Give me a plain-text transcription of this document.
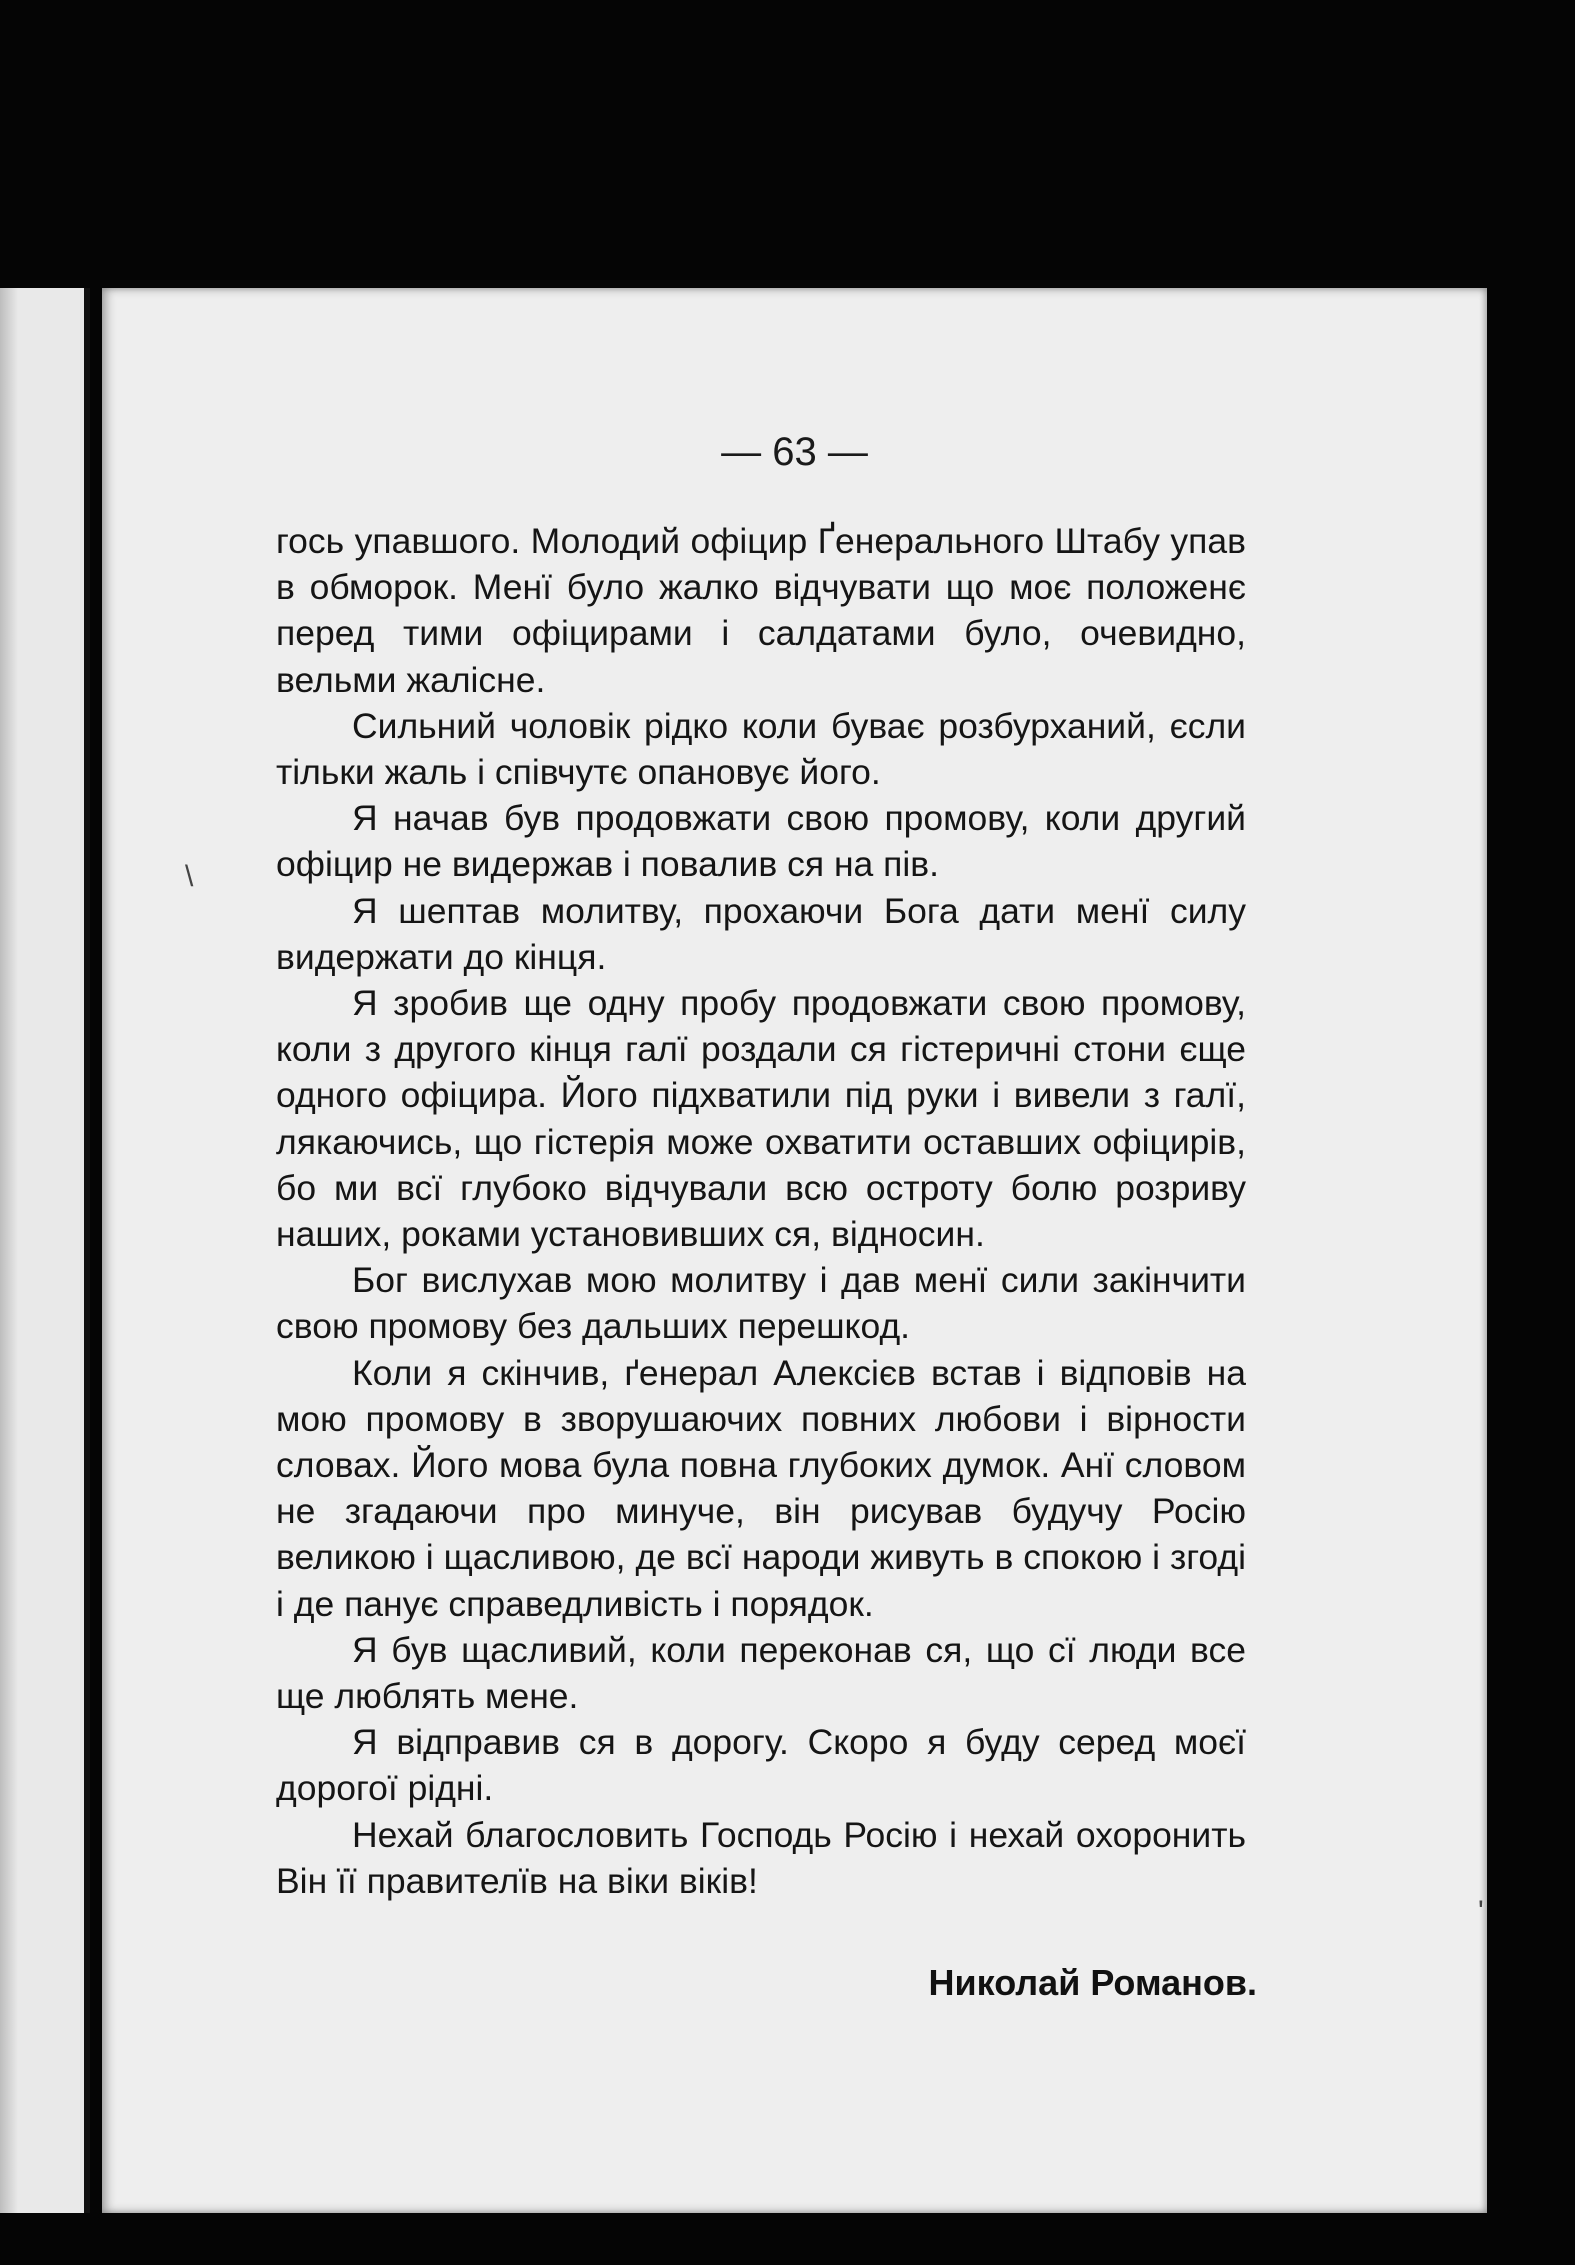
— 63 —

гось упавшого. Молодий офіцир Ґенерального Штабу упав в обморок. Менї було жалко відчувати що моє положенє перед тими офіцирами і салдатами було, очевидно, вельми жалісне.

Сильний чоловік рідко коли буває розбурханий, єсли тільки жаль і співчутє опановує його.

Я начав був продовжати свою промову, коли другий офіцир не видержав і повалив ся на пів.

Я шептав молитву, прохаючи Бога дати менї силу видержати до кінця.

Я зробив ще одну пробу продовжати свою промову, коли з другого кінця галї роздали ся гістеричні стони єще одного офіцира. Його підхватили під руки і вивели з галї, лякаючись, що гістерія може охватити оставших офіцирів, бо ми всї глубоко відчували всю остроту болю розриву наших, роками установивших ся, відносин.

Бог вислухав мою молитву і дав менї сили закінчити свою промову без дальших перешкод.

Коли я скінчив, ґенерал Алексієв встав і відповів на мою промову в зворушаючих повних любови і вірности словах. Його мова була повна глубоких думок. Анї словом не згадаючи про минуче, він рисував будучу Росію великою і щасливою, де всї народи живуть в спокою і згоді і де панує справедливість і порядок.

Я був щасливий, коли переконав ся, що сї люди все ще люблять мене.

Я відправив ся в дорогу. Скоро я буду серед моєї дорогої рідні.

Нехай благословить Господь Росію і нехай охоронить Він її правителїв на віки віків!

Николай Романов.
\
'
